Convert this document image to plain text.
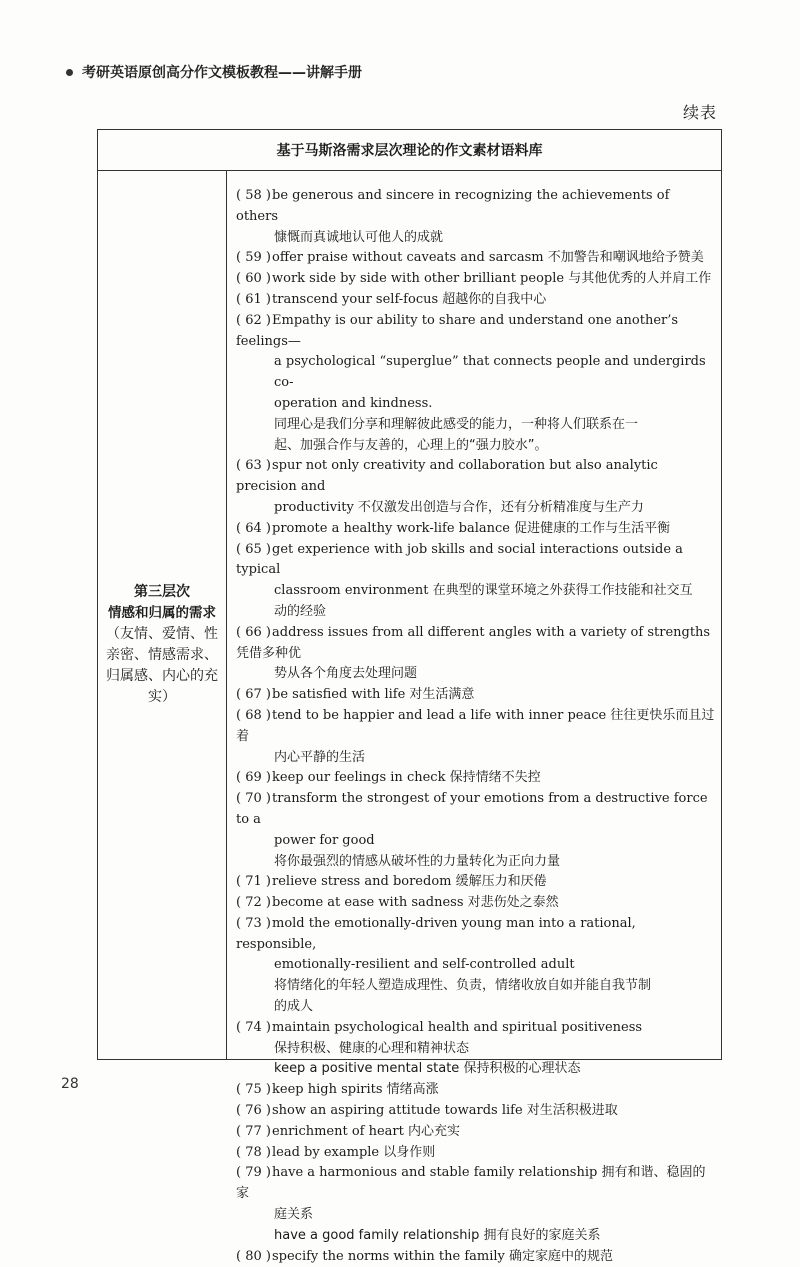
考研英语原创高分作文模板教程——讲解手册
续表
基于马斯洛需求层次理论的作文素材语料库
第三层次
情感和归属的需求
（友情、爱情、性亲密、情感需求、归属感、内心的充实）
( 58 )be generous and sincere in recognizing the achievements of others
慷慨而真诚地认可他人的成就
( 59 )offer praise without caveats and sarcasm 不加警告和嘲讽地给予赞美
( 60 )work side by side with other brilliant people 与其他优秀的人并肩工作
( 61 )transcend your self-focus 超越你的自我中心
( 62 )Empathy is our ability to share and understand one another’s feelings—
a psychological “superglue” that connects people and undergirds co-
operation and kindness.
同理心是我们分享和理解彼此感受的能力，一种将人们联系在一
起、加强合作与友善的，心理上的“强力胶水”。
( 63 )spur not only creativity and collaboration but also analytic precision and
productivity 不仅激发出创造与合作，还有分析精准度与生产力
( 64 )promote a healthy work-life balance 促进健康的工作与生活平衡
( 65 )get experience with job skills and social interactions outside a typical
classroom environment 在典型的课堂环境之外获得工作技能和社交互
动的经验
( 66 )address issues from all different angles with a variety of strengths 凭借多种优
势从各个角度去处理问题
( 67 )be satisfied with life 对生活满意
( 68 )tend to be happier and lead a life with inner peace 往往更快乐而且过着
内心平静的生活
( 69 )keep our feelings in check 保持情绪不失控
( 70 )transform the strongest of your emotions from a destructive force to a
power for good
将你最强烈的情感从破坏性的力量转化为正向力量
( 71 )relieve stress and boredom 缓解压力和厌倦
( 72 )become at ease with sadness 对悲伤处之泰然
( 73 )mold the emotionally-driven young man into a rational, responsible,
emotionally-resilient and self-controlled adult
将情绪化的年轻人塑造成理性、负责，情绪收放自如并能自我节制
的成人
( 74 )maintain psychological health and spiritual positiveness
保持积极、健康的心理和精神状态
keep a positive mental state 保持积极的心理状态
( 75 )keep high spirits 情绪高涨
( 76 )show an aspiring attitude towards life 对生活积极进取
( 77 )enrichment of heart 内心充实
( 78 )lead by example 以身作则
( 79 )have a harmonious and stable family relationship 拥有和谐、稳固的家
庭关系
have a good family relationship 拥有良好的家庭关系
( 80 )specify the norms within the family 确定家庭中的规范
28
